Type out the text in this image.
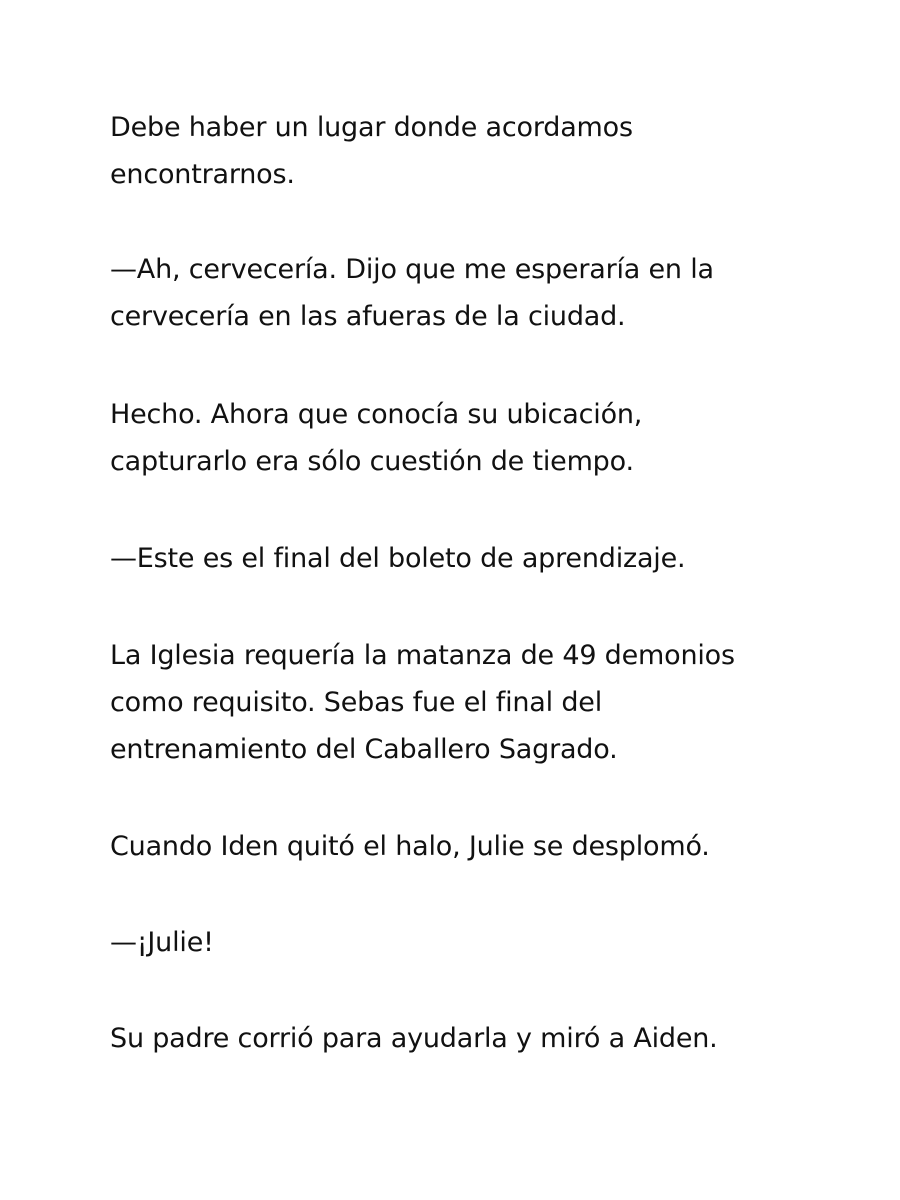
Debe haber un lugar donde acordamos
encontrarnos.

—Ah, cervecería. Dijo que me esperaría en la
cervecería en las afueras de la ciudad.

Hecho. Ahora que conocía su ubicación,
capturarlo era sólo cuestión de tiempo.

—Este es el final del boleto de aprendizaje.

La Iglesia requería la matanza de 49 demonios
como requisito. Sebas fue el final del
entrenamiento del Caballero Sagrado.

Cuando Iden quitó el halo, Julie se desplomó.

—¡Julie!

Su padre corrió para ayudarla y miró a Aiden.
